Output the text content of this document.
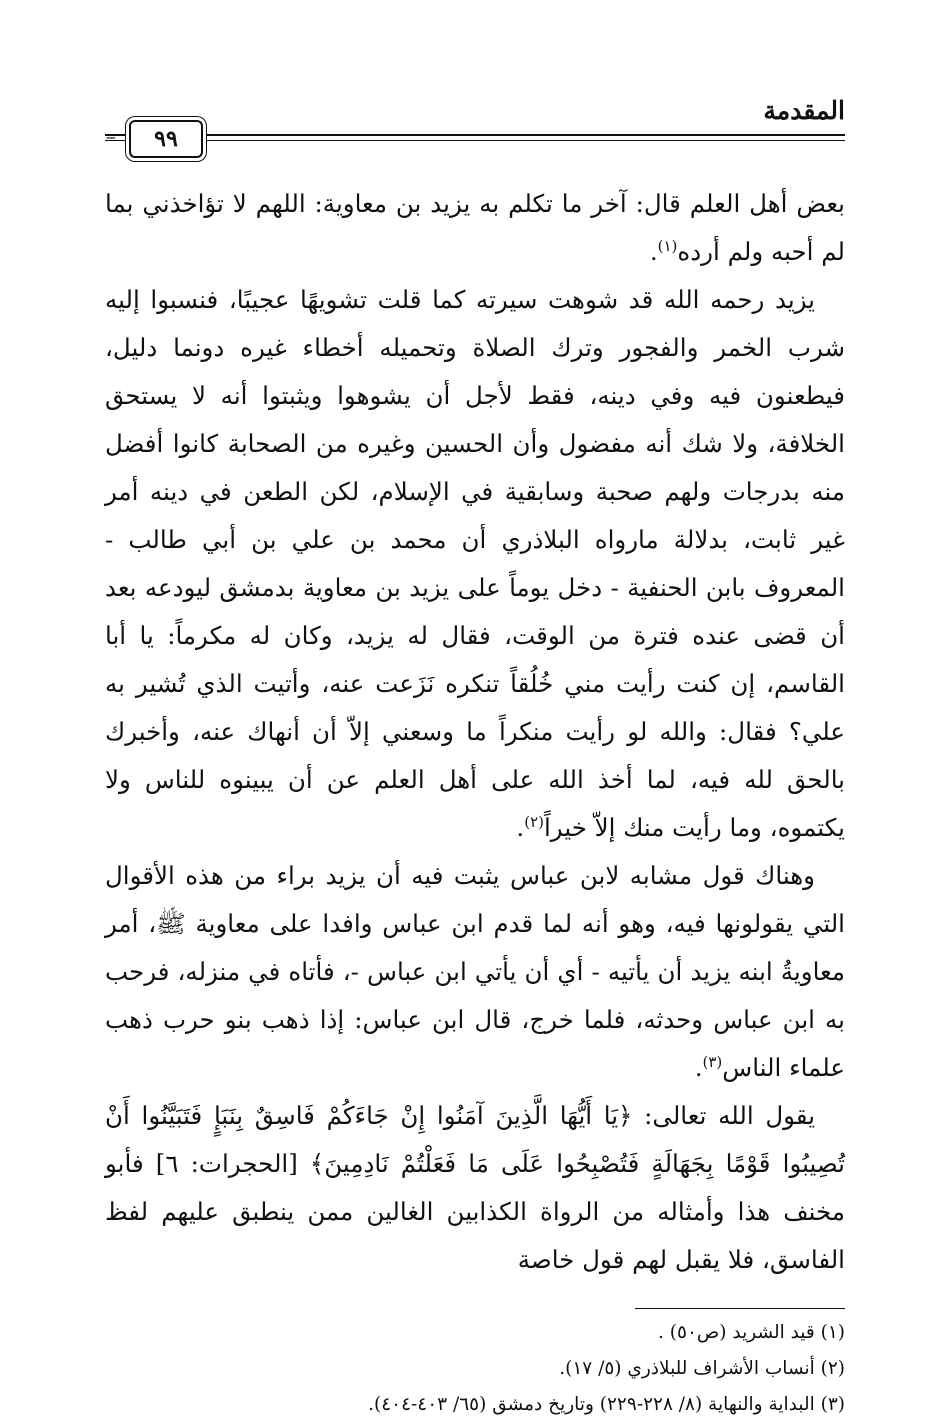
المقدمة
٩٩
=

بعض أهل العلم قال: آخر ما تكلم به يزيد بن معاوية: اللهم لا تؤاخذني بما لم أحبه ولم أرده$^{(١)}$.

يزيد رحمه الله قد شوهت سيرته كما قلت تشويهًا عجيبًا، فنسبوا إليه شرب الخمر والفجور وترك الصلاة وتحميله أخطاء غيره دونما دليل، فيطعنون فيه وفي دينه، فقط لأجل أن يشوهوا ويثبتوا أنه لا يستحق الخلافة، ولا شك أنه مفضول وأن الحسين وغيره من الصحابة كانوا أفضل منه بدرجات ولهم صحبة وسابقية في الإسلام، لكن الطعن في دينه أمر غير ثابت، بدلالة مارواه البلاذري أن محمد بن علي بن أبي طالب - المعروف بابن الحنفية - دخل يوماً على يزيد بن معاوية بدمشق ليودعه بعد أن قضى عنده فترة من الوقت، فقال له يزيد، وكان له مكرماً: يا أبا القاسم، إن كنت رأيت مني خُلُقاً تنكره نَزَعت عنه، وأتيت الذي تُشير به علي؟ فقال: والله لو رأيت منكراً ما وسعني إلاّ أن أنهاك عنه، وأخبرك بالحق لله فيه، لما أخذ الله على أهل العلم عن أن يبينوه للناس ولا يكتموه، وما رأيت منك إلاّ خيراً$^{(٢)}$.

وهناك قول مشابه لابن عباس يثبت فيه أن يزيد براء من هذه الأقوال التي يقولونها فيه، وهو أنه لما قدم ابن عباس وافدا على معاوية ﷺ، أمر معاويةُ ابنه يزيد أن يأتيه - أي أن يأتي ابن عباس -، فأتاه في منزله، فرحب به ابن عباس وحدثه، فلما خرج، قال ابن عباس: إذا ذهب بنو حرب ذهب علماء الناس$^{(٣)}$.

يقول الله تعالى: ﴿يَا أَيُّهَا الَّذِينَ آمَنُوا إِنْ جَاءَكُمْ فَاسِقٌ بِنَبَإٍ فَتَبَيَّنُوا أَنْ تُصِيبُوا قَوْمًا بِجَهَالَةٍ فَتُصْبِحُوا عَلَى مَا فَعَلْتُمْ نَادِمِينَ﴾ [الحجرات: ٦] فأبو مخنف هذا وأمثاله من الرواة الكذابين الغالين ممن ينطبق عليهم لفظ الفاسق، فلا يقبل لهم قول خاصة

(١) قيد الشريد (ص٥٠) .
(٢) أنساب الأشراف للبلاذري (٥/ ١٧).
(٣) البداية والنهاية (٨/ ٢٢٨-٢٢٩) وتاريخ دمشق (٦٥/ ٤٠٣-٤٠٤).
